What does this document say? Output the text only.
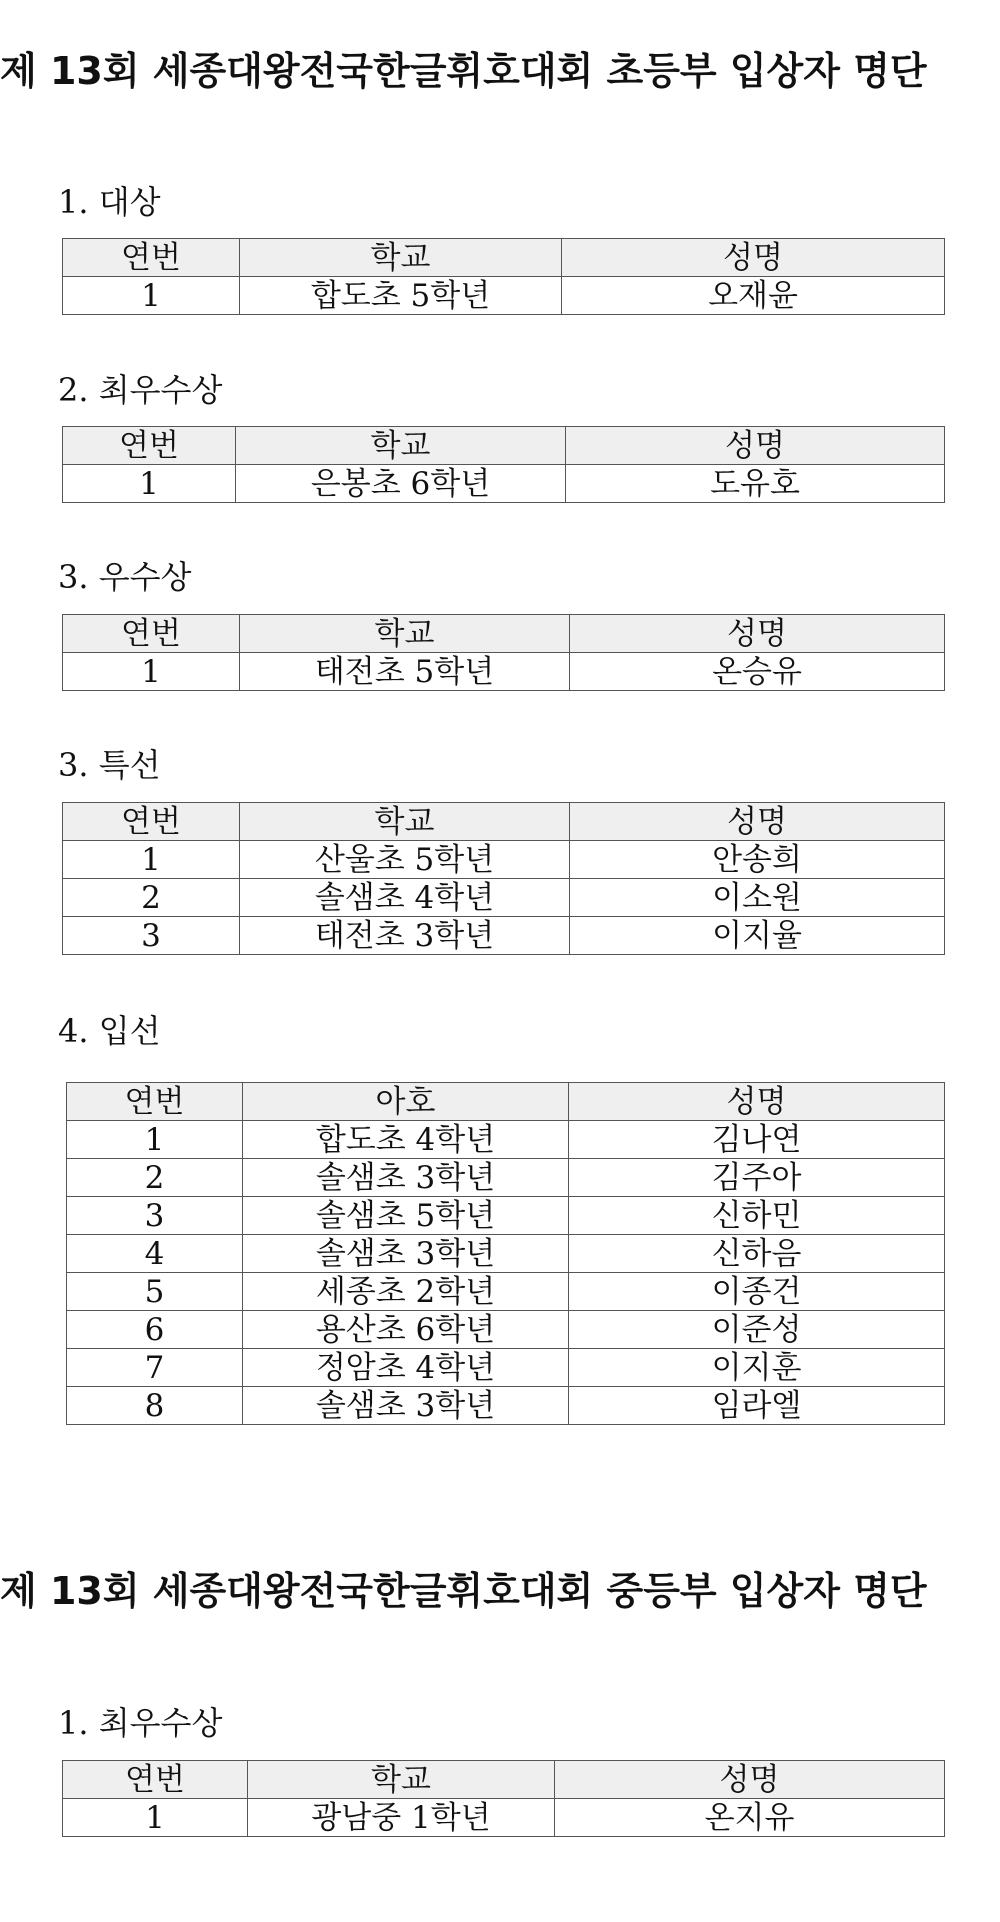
제 13회 세종대왕전국한글휘호대회 초등부 입상자 명단
1. 대상
연번	학교	성명
1	합도초 5학년	오재윤
2. 최우수상
연번	학교	성명
1	은봉초 6학년	도유호
3. 우수상
연번	학교	성명
1	태전초 5학년	온승유
3. 특선
연번	학교	성명
1	산울초 5학년	안송희
2	솔샘초 4학년	이소원
3	태전초 3학년	이지율
4. 입선
연번	아호	성명
1	합도초 4학년	김나연
2	솔샘초 3학년	김주아
3	솔샘초 5학년	신하민
4	솔샘초 3학년	신하음
5	세종초 2학년	이종건
6	용산초 6학년	이준성
7	정암초 4학년	이지훈
8	솔샘초 3학년	임라엘
제 13회 세종대왕전국한글휘호대회 중등부 입상자 명단
1. 최우수상
연번	학교	성명
1	광남중 1학년	온지유
